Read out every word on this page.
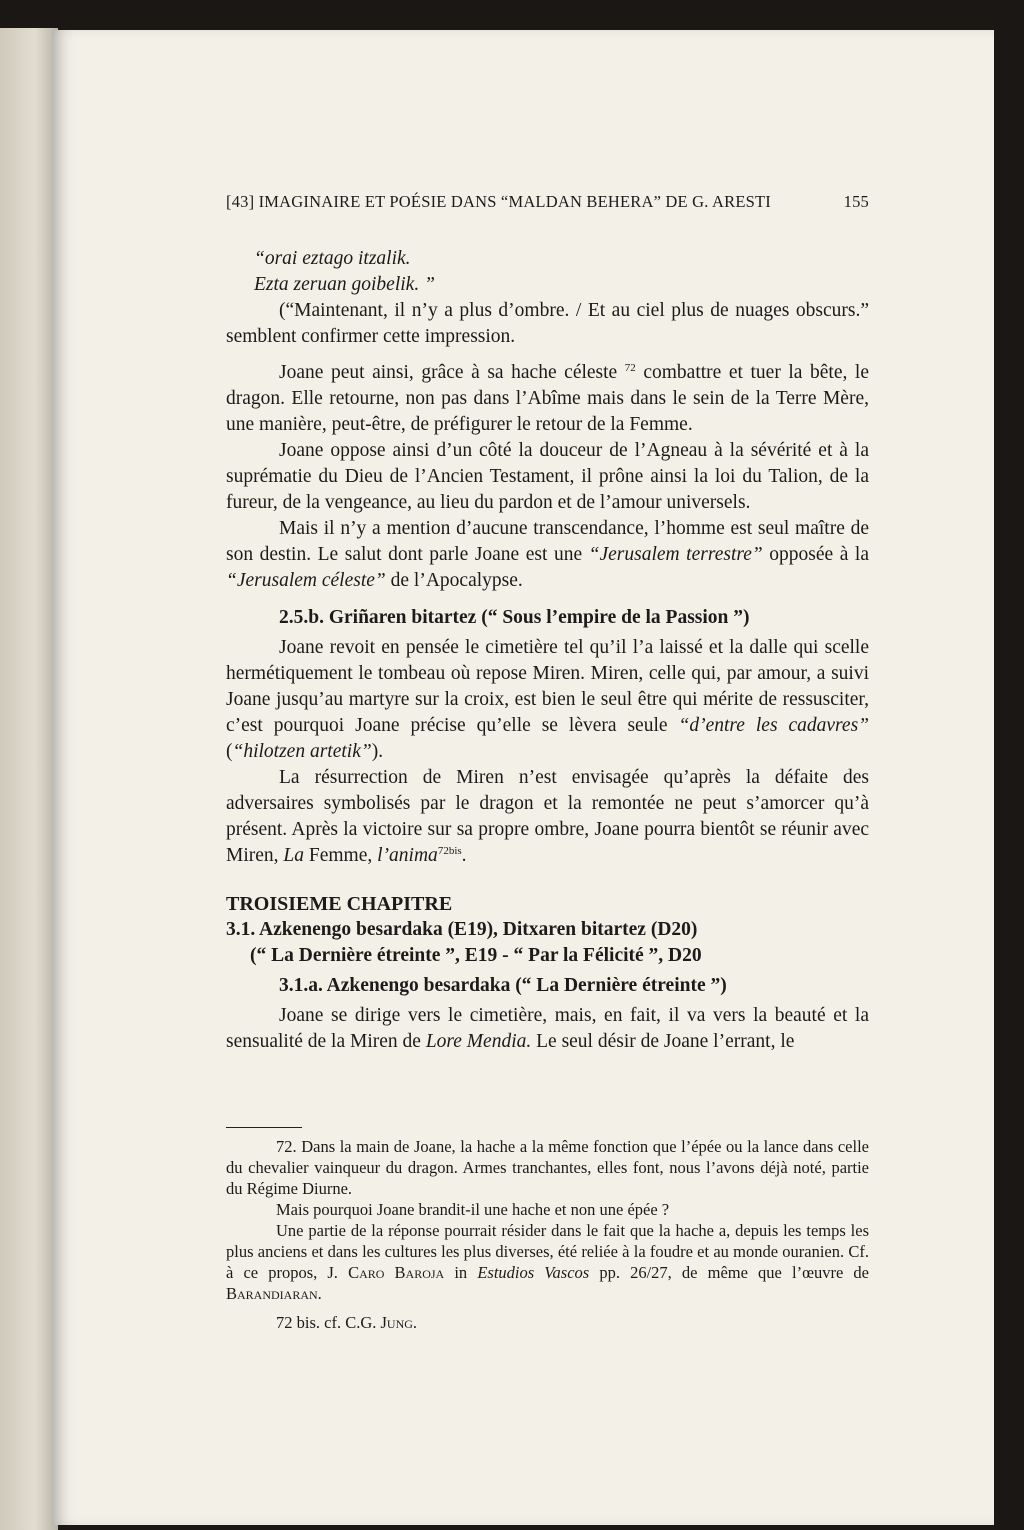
[43] IMAGINAIRE ET POÉSIE DANS “MALDAN BEHERA” DE G. ARESTI	155

“orai eztago itzalik.

Ezta zeruan goibelik. ”

(“Maintenant, il n’y a plus d’ombre. / Et au ciel plus de nuages obscurs.” semblent confirmer cette impression.

Joane peut ainsi, grâce à sa hache céleste $^{72}$ combattre et tuer la bête, le dragon. Elle retourne, non pas dans l’Abîme mais dans le sein de la Terre Mère, une manière, peut-être, de préfigurer le retour de la Femme.

Joane oppose ainsi d’un côté la douceur de l’Agneau à la sévérité et à la suprématie du Dieu de l’Ancien Testament, il prône ainsi la loi du Talion, de la fureur, de la vengeance, au lieu du pardon et de l’amour universels.

Mais il n’y a mention d’aucune transcendance, l’homme est seul maître de son destin. Le salut dont parle Joane est une “Jerusalem terrestre” opposée à la “Jerusalem céleste” de l’Apocalypse.

2.5.b. Griñaren bitartez (“ Sous l’empire de la Passion ”)

Joane revoit en pensée le cimetière tel qu’il l’a laissé et la dalle qui scelle hermétiquement le tombeau où repose Miren. Miren, celle qui, par amour, a suivi Joane jusqu’au martyre sur la croix, est bien le seul être qui mérite de ressusciter, c’est pourquoi Joane précise qu’elle se lèvera seule “d’entre les cadavres” (“hilotzen artetik”).

La résurrection de Miren n’est envisagée qu’après la défaite des adversaires symbolisés par le dragon et la remontée ne peut s’amorcer qu’à présent. Après la victoire sur sa propre ombre, Joane pourra bientôt se réunir avec Miren, La Femme, l’anima$^{72bis}$.

TROISIEME CHAPITRE

3.1. Azkenengo besardaka (E19), Ditxaren bitartez (D20)

(“ La Dernière étreinte ”, E19 - “ Par la Félicité ”, D20

3.1.a. Azkenengo besardaka (“ La Dernière étreinte ”)

Joane se dirige vers le cimetière, mais, en fait, il va vers la beauté et la sensualité de la Miren de Lore Mendia. Le seul désir de Joane l’errant, le

72. Dans la main de Joane, la hache a la même fonction que l’épée ou la lance dans celle du chevalier vainqueur du dragon. Armes tranchantes, elles font, nous l’avons déjà noté, partie du Régime Diurne.

Mais pourquoi Joane brandit-il une hache et non une épée ?

Une partie de la réponse pourrait résider dans le fait que la hache a, depuis les temps les plus anciens et dans les cultures les plus diverses, été reliée à la foudre et au monde ouranien. Cf. à ce propos, J. Caro Baroja in Estudios Vascos pp. 26/27, de même que l’œuvre de Barandiaran.

72 bis. cf. C.G. Jung.
